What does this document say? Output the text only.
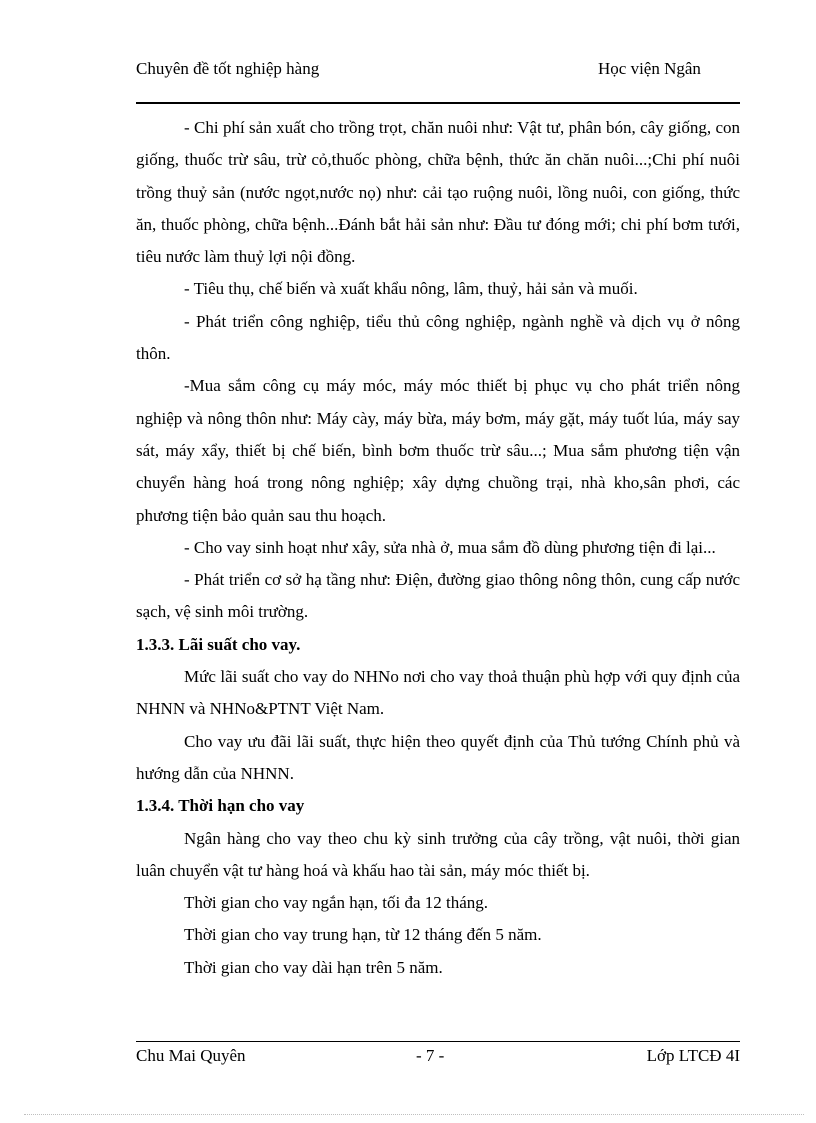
Chuyên đề tốt nghiệp hàng	Học viện Ngân

- Chi phí sản xuất cho trồng trọt, chăn nuôi như: Vật tư, phân bón, cây giống, con giống, thuốc trừ sâu, trừ cỏ,thuốc phòng, chữa bệnh, thức ăn chăn nuôi...;Chi phí nuôi trồng thuỷ sản (nước ngọt,nước nọ) như: cải tạo ruộng nuôi, lồng nuôi, con giống, thức ăn, thuốc phòng, chữa bệnh...Đánh bắt hải sản như: Đầu tư đóng mới; chi phí bơm tưới, tiêu nước làm thuỷ lợi nội đồng.

- Tiêu thụ, chế biến và xuất khẩu nông, lâm, thuỷ, hải sản và muối.

- Phát triển công nghiệp, tiểu thủ công nghiệp, ngành nghề và dịch vụ ở nông thôn.

-Mua sắm công cụ máy móc, máy móc thiết bị phục vụ cho phát triển nông nghiệp và nông thôn như: Máy cày, máy bừa, máy bơm, máy gặt, máy tuốt lúa, máy say sát, máy xẩy, thiết bị chế biến, bình bơm thuốc trừ sâu...; Mua sắm phương tiện vận chuyển hàng hoá trong nông nghiệp; xây dựng chuồng trại, nhà kho,sân phơi, các phương tiện bảo quản sau thu hoạch.

- Cho vay sinh hoạt như xây, sửa nhà ở, mua sắm đồ dùng phương tiện đi lại...

- Phát triển cơ sở hạ tầng như: Điện, đường giao thông nông thôn, cung cấp nước sạch, vệ sinh môi trường.

1.3.3. Lãi suất cho vay.

Mức lãi suất cho vay do NHNo nơi cho vay thoả thuận phù hợp với quy định của NHNN và NHNo&PTNT Việt Nam.

Cho vay ưu đãi lãi suất, thực hiện theo quyết định của Thủ tướng Chính phủ và hướng dẫn của NHNN.

1.3.4. Thời hạn cho vay

Ngân hàng cho vay theo chu kỳ sinh trưởng của cây trồng, vật nuôi, thời gian luân chuyển vật tư hàng hoá và khấu hao tài sản, máy móc thiết bị.

Thời gian cho vay ngắn hạn, tối đa 12 tháng.

Thời gian cho vay trung hạn, từ 12 tháng đến 5 năm.

Thời gian cho vay dài hạn trên 5 năm.

Chu Mai Quyên	- 7 -	Lớp LTCĐ 4I
